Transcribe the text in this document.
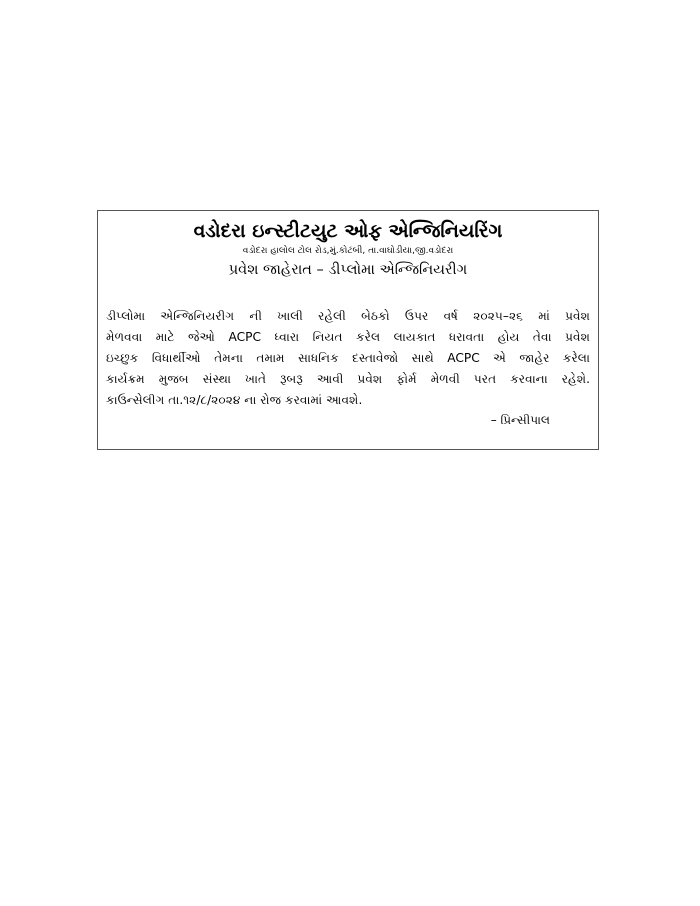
વડોદરા ઇન્સ્ટીટયુટ ઓફ એન્જિનિયરિંગ
વડોદરા હાલોલ ટોલ રોડ,મું.કોટંબી, તા.વાઘોડીયા,જી.વડોદરા
પ્રવેશ જાહેરાત – ડીપ્લોમા એન્જિનિયરીગ
ડીપ્લોમા એન્જિનિયરીગ ની ખાલી રહેલી બેઠકો ઉપર વર્ષ ૨૦૨૫–૨૬ માં પ્રવેશ
મેળવવા માટે જેઓ ACPC ધ્વારા નિયત કરેલ લાયકાત ધરાવતા હોય તેવા પ્રવેશ
ઇચ્છુક વિધાર્થીઓ તેમના તમામ સાધનિક દસ્તાવેજો સાથે ACPC એ જાહેર કરેલા
કાર્યક્રમ મુજબ સંસ્થા ખાતે રૂબરૂ આવી પ્રવેશ ફોર્મ મેળવી પરત કરવાના રહેશે.
કાઉન્સેલીગ તા.૧૨/૮/૨૦૨૪ ના રોજ કરવામાં આવશે.
– પ્રિન્સીપાલ
